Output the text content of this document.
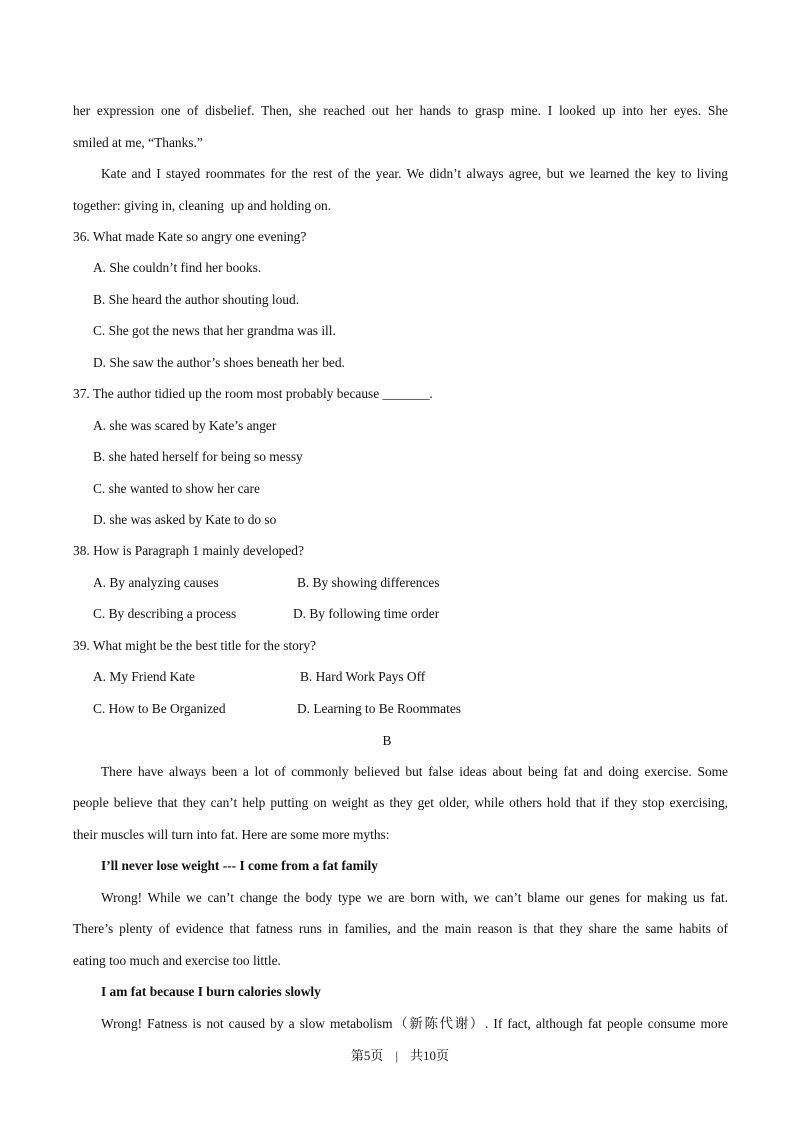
her expression one of disbelief. Then, she reached out her hands to grasp mine. I looked up into her eyes. She
smiled at me, “Thanks.”
Kate and I stayed roommates for the rest of the year. We didn’t always agree, but we learned the key to living
together: giving in, cleaning  up and holding on.
36. What made Kate so angry one evening?
A. She couldn’t find her books.
B. She heard the author shouting loud.
C. She got the news that her grandma was ill.
D. She saw the author’s shoes beneath her bed.
37. The author tidied up the room most probably because _______.
A. she was scared by Kate’s anger
B. she hated herself for being so messy
C. she wanted to show her care
D. she was asked by Kate to do so
38. How is Paragraph 1 mainly developed?
A. By analyzing causes	B. By showing differences
C. By describing a process	D. By following time order
39. What might be the best title for the story?
A. My Friend Kate	B. Hard Work Pays Off
C. How to Be Organized	D. Learning to Be Roommates
B
There have always been a lot of commonly believed but false ideas about being fat and doing exercise. Some
people believe that they can’t help putting on weight as they get older, while others hold that if they stop exercising,
their muscles will turn into fat. Here are some more myths:
I’ll never lose weight --- I come from a fat family
Wrong! While we can’t change the body type we are born with, we can’t blame our genes for making us fat.
There’s plenty of evidence that fatness runs in families, and the main reason is that they share the same habits of
eating too much and exercise too little.
I am fat because I burn calories slowly
Wrong! Fatness is not caused by a slow metabolism（新陈代谢）. If fact, although fat people consume more
第5页 | 共10页
